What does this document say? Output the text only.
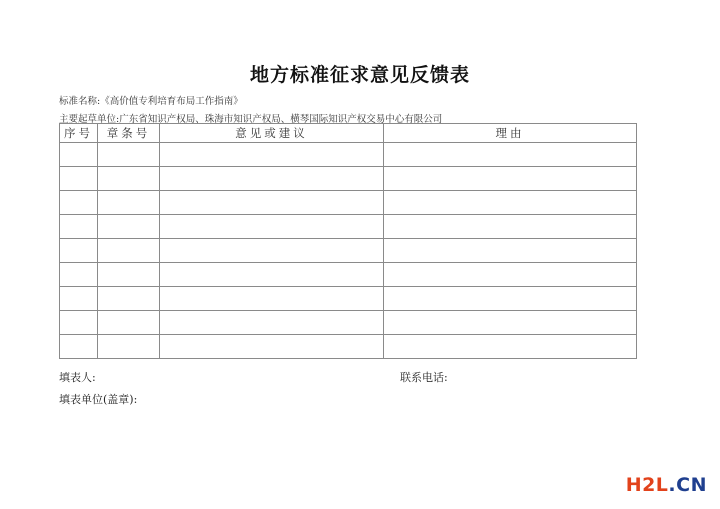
地方标准征求意见反馈表
标准名称:《高价值专利培育布局工作指南》
主要起草单位:广东省知识产权局、珠海市知识产权局、横琴国际知识产权交易中心有限公司
序号	章条号	意见或建议	理由

填表人:	联系电话:
填表单位(盖章):
H2L.CN
